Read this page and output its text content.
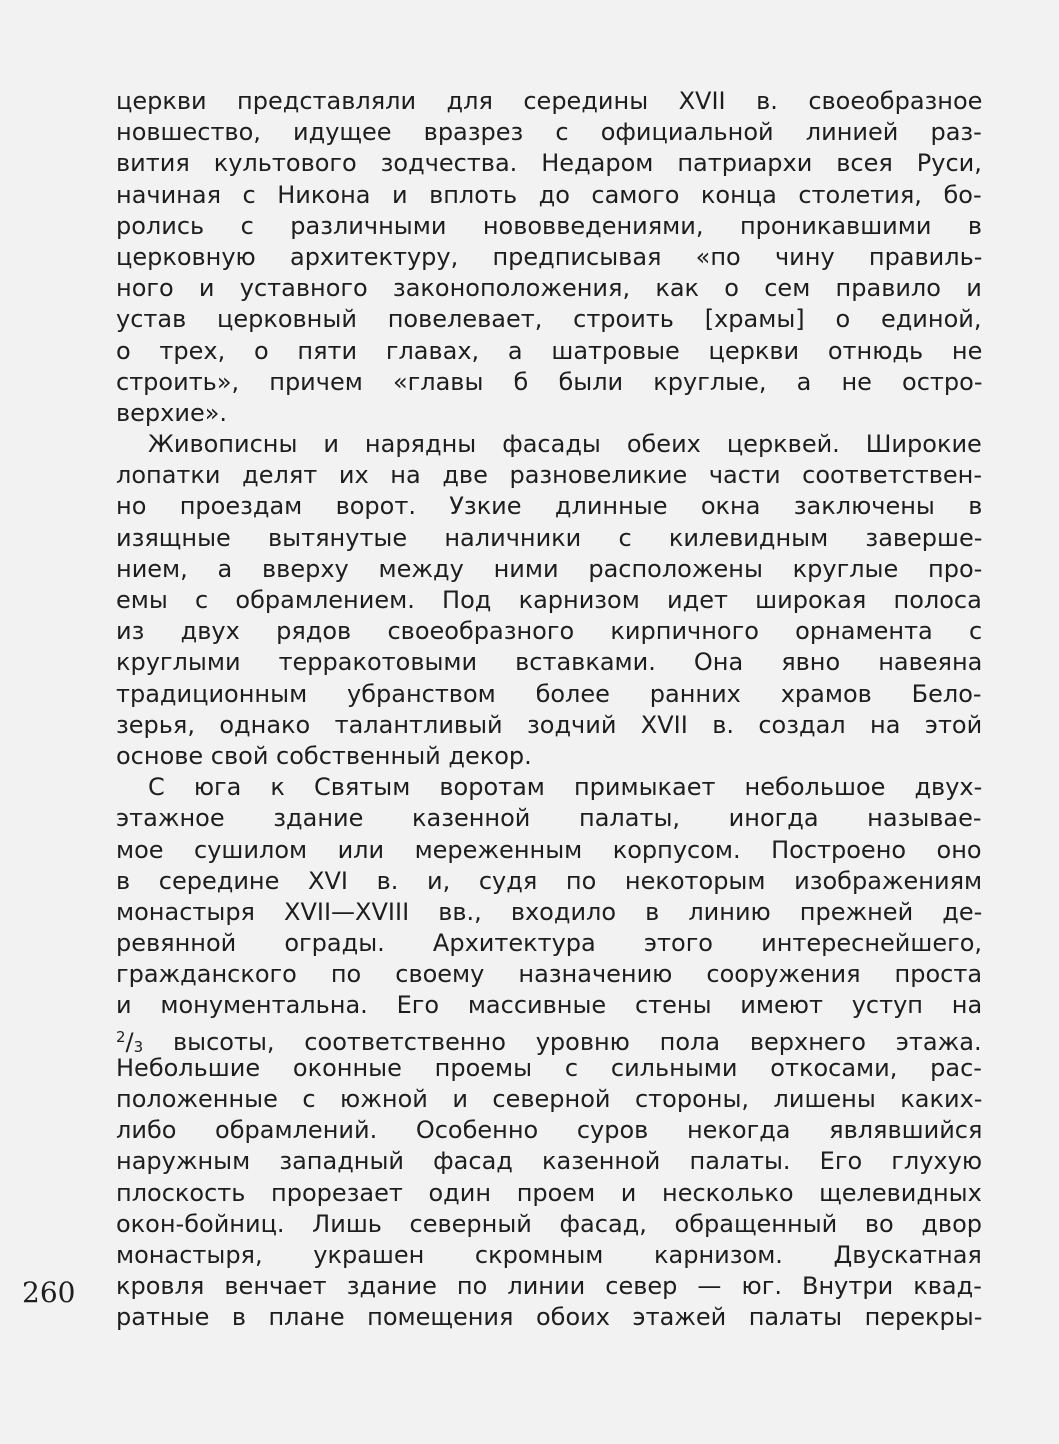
церкви представляли для середины XVII в. своеобразное
новшество, идущее вразрез с официальной линией раз-
вития культового зодчества. Недаром патриархи всея Руси,
начиная с Никона и вплоть до самого конца столетия, бо-
ролись с различными нововведениями, проникавшими в
церковную архитектуру, предписывая «по чину правиль-
ного и уставного законоположения, как о сем правило и
устав церковный повелевает, строить [храмы] о единой,
о трех, о пяти главах, а шатровые церкви отнюдь не
строить», причем «главы б были круглые, а не остро-
верхие».
Живописны и нарядны фасады обеих церквей. Широкие
лопатки делят их на две разновеликие части соответствен-
но проездам ворот. Узкие длинные окна заключены в
изящные вытянутые наличники с килевидным заверше-
нием, а вверху между ними расположены круглые про-
емы с обрамлением. Под карнизом идет широкая полоса
из двух рядов своеобразного кирпичного орнамента с
круглыми терракотовыми вставками. Она явно навеяна
традиционным убранством более ранних храмов Бело-
зерья, однако талантливый зодчий XVII в. создал на этой
основе свой собственный декор.
С юга к Святым воротам примыкает небольшое двух-
этажное здание казенной палаты, иногда называе-
мое сушилом или мереженным корпусом. Построено оно
в середине XVI в. и, судя по некоторым изображениям
монастыря XVII—XVIII вв., входило в линию прежней де-
ревянной ограды. Архитектура этого интереснейшего,
гражданского по своему назначению сооружения проста
и монументальна. Его массивные стены имеют уступ на
$^2$/3 высоты, соответственно уровню пола верхнего этажа.
Небольшие оконные проемы с сильными откосами, рас-
положенные с южной и северной стороны, лишены каких-
либо обрамлений. Особенно суров некогда являвшийся
наружным западный фасад казенной палаты. Его глухую
плоскость прорезает один проем и несколько щелевидных
окон-бойниц. Лишь северный фасад, обращенный во двор
монастыря, украшен скромным карнизом. Двускатная
кровля венчает здание по линии север — юг. Внутри квад-
ратные в плане помещения обоих этажей палаты перекры-
260
